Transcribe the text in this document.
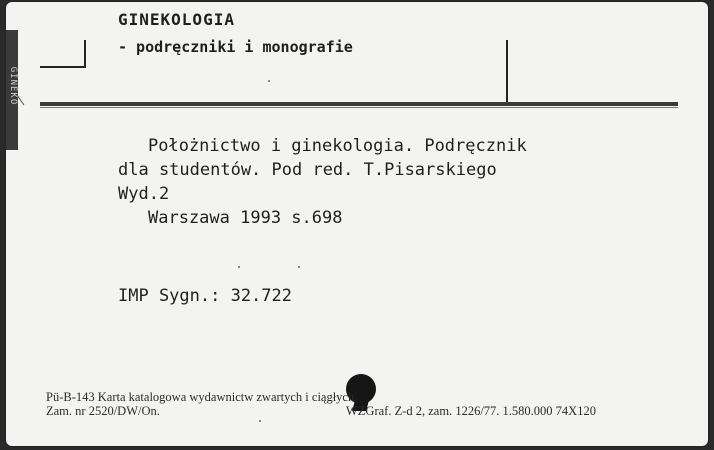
GINEKO
GINEKOLOGIA
- podręczniki i monografie
Położnictwo i ginekologia. Podręcznik
dla studentów. Pod red. T.Pisarskiego
Wyd.2
Warszawa 1993 s.698
IMP Sygn.: 32.722
Pü-B-143 Karta katalogowa wydawnictw zwartych i ciągłych.
Zam. nr 2520/DW/On.	WZGraf. Z-d 2, zam. 1226/77. 1.580.000 74X120
